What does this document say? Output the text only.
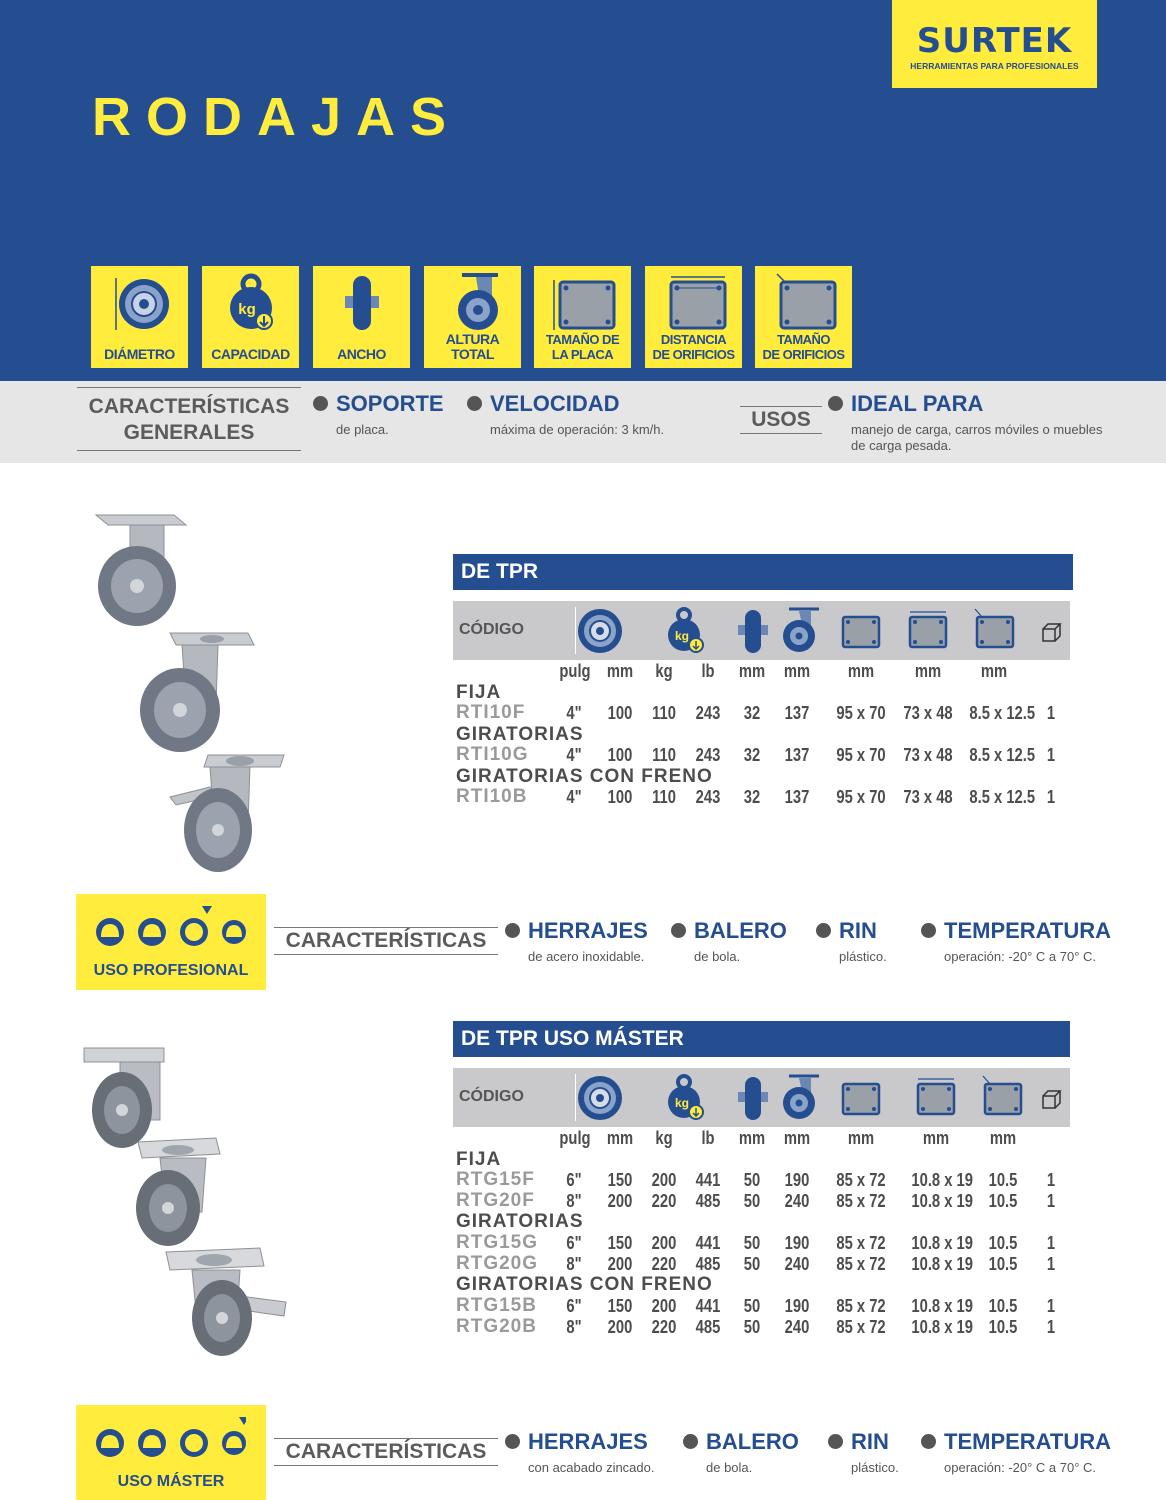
SURTEK
HERRAMIENTAS PARA PROFESIONALES
RODAJAS
DIÁMETRO
kg
CAPACIDAD	ANCHO
ALTURA TOTAL
TAMAÑO DE
LA PLACA
DISTANCIA
DE ORIFICIOS
TAMAÑO
DE ORIFICIOS
CARACTERÍSTICAS
GENERALES
SOPORTE
de placa.
VELOCIDAD
máxima de operación: 3 km/h.	USOS
IDEAL PARA
manejo de carga, carros móviles o muebles
de carga pesada.
DE TPR
CÓDIGO	kg
pulg mm	kg	lb	mm	mm	mm	mm	mm
FIJA
RTI10F	4"	100	110	243	32	137	95 x 70 73 x 48 8.5 x 12.5 1
GIRATORIAS
RTI10G	4"	100	110	243	32	137	95 x 70 73 x 48 8.5 x 12.5 1
GIRATORIAS CON FRENO
RTI10B	4"	100	110	243	32	137	95 x 70 73 x 48 8.5 x 12.5 1
USO PROFESIONAL
CARACTERÍSTICAS	HERRAJES
de acero inoxidable.
BALERO
de bola.
RIN
plástico.
TEMPERATURA
operación: -20° C a 70° C.
DE TPR USO MÁSTER
CÓDIGO	kg
pulg mm	kg	lb	mm	mm	mm	mm	mm
FIJA
RTG15F	6"	150	200	441	50	190	85 x 72 10.8 x 19 10.5	1
RTG20F	8"	200	220	485	50	240	85 x 72 10.8 x 19 10.5	1
GIRATORIAS
RTG15G	6"	150	200	441	50	190	85 x 72 10.8 x 19 10.5	1
RTG20G	8"	200	220	485	50	240	85 x 72 10.8 x 19 10.5	1
GIRATORIAS CON FRENO
RTG15B	6"	150	200	441	50	190	85 x 72 10.8 x 19 10.5	1
RTG20B	8"	200	220	485	50	240	85 x 72 10.8 x 19 10.5	1
USO MÁSTER
CARACTERÍSTICAS	HERRAJES
con acabado zincado.
BALERO
de bola.
RIN
plástico.
TEMPERATURA
operación: -20° C a 70° C.
